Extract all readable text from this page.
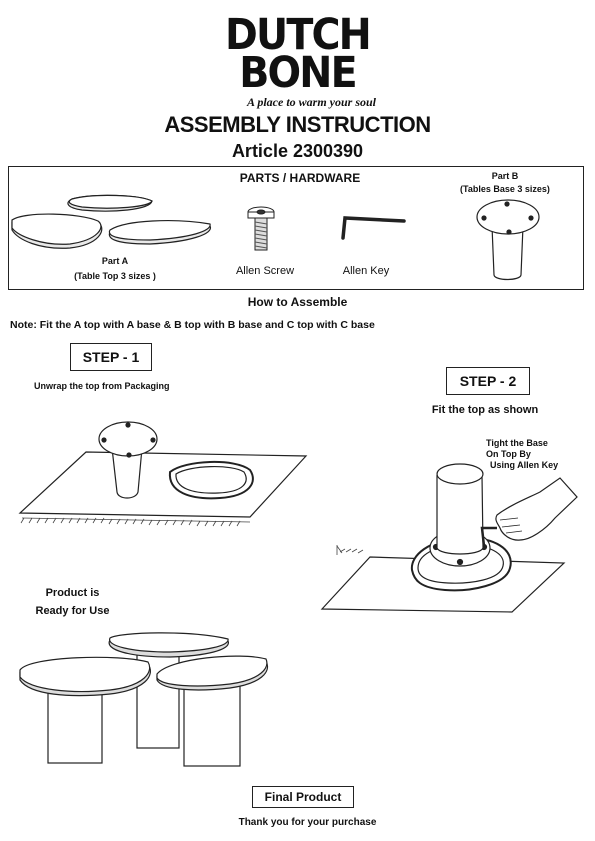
DUTCH
BONE
A place to warm your soul
ASSEMBLY INSTRUCTION
Article 2300390
PARTS / HARDWARE
Part A
(Table Top 3 sizes )	Allen Screw	Allen Key
Part B
(Tables Base 3 sizes)
How to Assemble
Note: Fit the A top with A base & B top with B base and C top with C base
STEP - 1
Unwrap the top from Packaging	STEP - 2
Fit the top as shown
Tight the Base
On Top By
Using Allen Key
Product is
Ready for Use
Final Product
Thank you for your purchase
